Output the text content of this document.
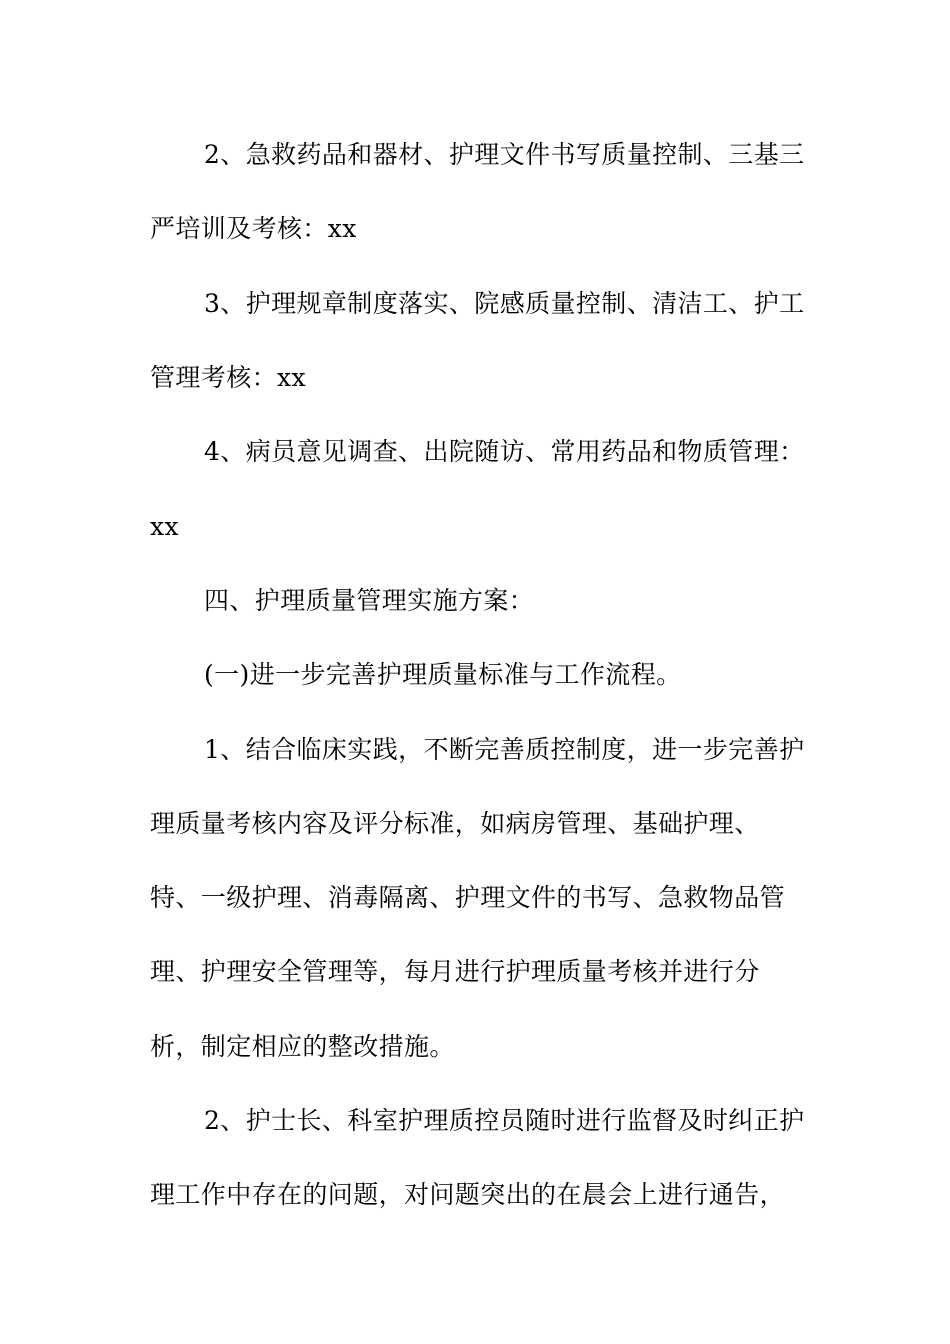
2、急救药品和器材、护理文件书写质量控制、三基三
严培训及考核：xx
3、护理规章制度落实、院感质量控制、清洁工、护工
管理考核：xx
4、病员意见调查、出院随访、常用药品和物质管理：
xx
四、护理质量管理实施方案：
(一)进一步完善护理质量标准与工作流程。
1、结合临床实践，不断完善质控制度，进一步完善护
理质量考核内容及评分标准，如病房管理、基础护理、
特、一级护理、消毒隔离、护理文件的书写、急救物品管
理、护理安全管理等，每月进行护理质量考核并进行分
析，制定相应的整改措施。
2、护士长、科室护理质控员随时进行监督及时纠正护
理工作中存在的问题，对问题突出的在晨会上进行通告，
